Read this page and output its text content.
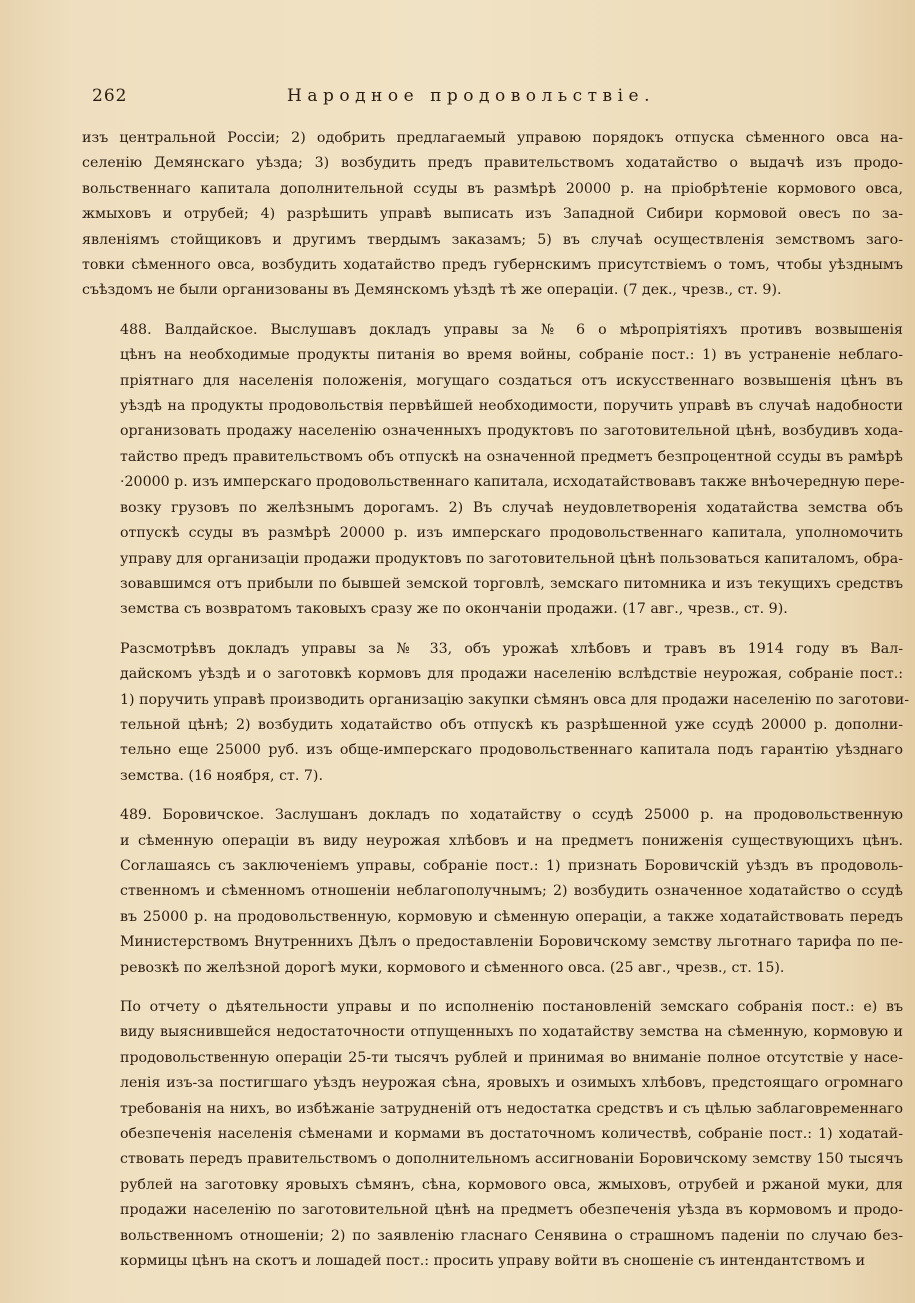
262	Народное продовольствіе.

изъ центральной Россіи; 2) одобрить предлагаемый управою порядокъ отпуска сѣменного овса на-
селенію Демянскаго уѣзда; 3) возбудить предъ правительствомъ ходатайство о выдачѣ изъ продо-
вольственнаго капитала дополнительной ссуды въ размѣрѣ 20000 р. на пріобрѣтеніе кормового овса,
жмыховъ и отрубей; 4) разрѣшить управѣ выписать изъ Западной Сибири кормовой овесъ по за-
явленіямъ стойщиковъ и другимъ твердымъ заказамъ; 5) въ случаѣ осуществленія земствомъ заго-
товки сѣменного овса, возбудить ходатайство предъ губернскимъ присутствіемъ о томъ, чтобы уѣзднымъ
съѣздомъ не были организованы въ Демянскомъ уѣздѣ тѣ же операціи. (7 дек., чрезв., ст. 9).

488. Валдайское. Выслушавъ докладъ управы за № 6 о мѣропріятіяхъ противъ возвышенія
цѣнъ на необходимые продукты питанія во время войны, собраніе пост.: 1) въ устраненіе неблаго-
пріятнаго для населенія положенія, могущаго создаться отъ искусственнаго возвышенія цѣнъ въ
уѣздѣ на продукты продовольствія первѣйшей необходимости, поручить управѣ въ случаѣ надобности
организовать продажу населенію означенныхъ продуктовъ по заготовительной цѣнѣ, возбудивъ хода-
тайство предъ правительствомъ объ отпускѣ на означенной предметъ безпроцентной ссуды въ рамѣрѣ
·20000 р. изъ имперскаго продовольственнаго капитала, исходатайствовавъ также внѣочередную пере-
возку грузовъ по желѣзнымъ дорогамъ. 2) Въ случаѣ неудовлетворенія ходатайства земства объ
отпускѣ ссуды въ размѣрѣ 20000 р. изъ имперскаго продовольственнаго капитала, уполномочить
управу для организаціи продажи продуктовъ по заготовительной цѣнѣ пользоваться капиталомъ, обра-
зовавшимся отъ прибыли по бывшей земской торговлѣ, земскаго питомника и изъ текущихъ средствъ
земства съ возвратомъ таковыхъ сразу же по окончаніи продажи. (17 авг., чрезв., ст. 9).

Разсмотрѣвъ докладъ управы за № 33, объ урожаѣ хлѣбовъ и травъ въ 1914 году въ Вал-
дайскомъ уѣздѣ и о заготовкѣ кормовъ для продажи населенію вслѣдствіе неурожая, собраніе пост.:
1) поручить управѣ производить организацію закупки сѣмянъ овса для продажи населенію по заготови-
тельной цѣнѣ; 2) возбудить ходатайство объ отпускѣ къ разрѣшенной уже ссудѣ 20000 р. дополни-
тельно еще 25000 руб. изъ обще-имперскаго продовольственнаго капитала подъ гарантію уѣзднаго
земства. (16 ноября, ст. 7).

489. Боровичское. Заслушанъ докладъ по ходатайству о ссудѣ 25000 р. на продовольственную
и сѣменную операціи въ виду неурожая хлѣбовъ и на предметъ пониженія существующихъ цѣнъ.
Соглашаясь съ заключеніемъ управы, собраніе пост.: 1) признать Боровичскій уѣздъ въ продоволь-
ственномъ и сѣменномъ отношеніи неблагополучнымъ; 2) возбудить означенное ходатайство о ссудѣ
въ 25000 р. на продовольственную, кормовую и сѣменную операціи, а также ходатайствовать передъ
Министерствомъ Внутреннихъ Дѣлъ о предоставленіи Боровичскому земству льготнаго тарифа по пе-
ревозкѣ по желѣзной дорогѣ муки, кормового и сѣменного овса. (25 авг., чрезв., ст. 15).

По отчету о дѣятельности управы и по исполненію постановленій земскаго собранія пост.: е) въ
виду выяснившейся недостаточности отпущенныхъ по ходатайству земства на сѣменную, кормовую и
продовольственную операціи 25-ти тысячъ рублей и принимая во вниманіе полное отсутствіе у насе-
ленія изъ-за постигшаго уѣздъ неурожая сѣна, яровыхъ и озимыхъ хлѣбовъ, предстоящаго огромнаго
требованія на нихъ, во избѣжаніе затрудненій отъ недостатка средствъ и съ цѣлью заблаговременнаго
обезпеченія населенія сѣменами и кормами въ достаточномъ количествѣ, собраніе пост.: 1) ходатай-
ствовать передъ правительствомъ о дополнительномъ ассигнованіи Боровичскому земству 150 тысячъ
рублей на заготовку яровыхъ сѣмянъ, сѣна, кормового овса, жмыховъ, отрубей и ржаной муки, для
продажи населенію по заготовительной цѣнѣ на предметъ обезпеченія уѣзда въ кормовомъ и продо-
вольственномъ отношеніи; 2) по заявленію гласнаго Сенявина о страшномъ паденіи по случаю без-
кормицы цѣнъ на скотъ и лошадей пост.: просить управу войти въ сношеніе съ интендантствомъ и
